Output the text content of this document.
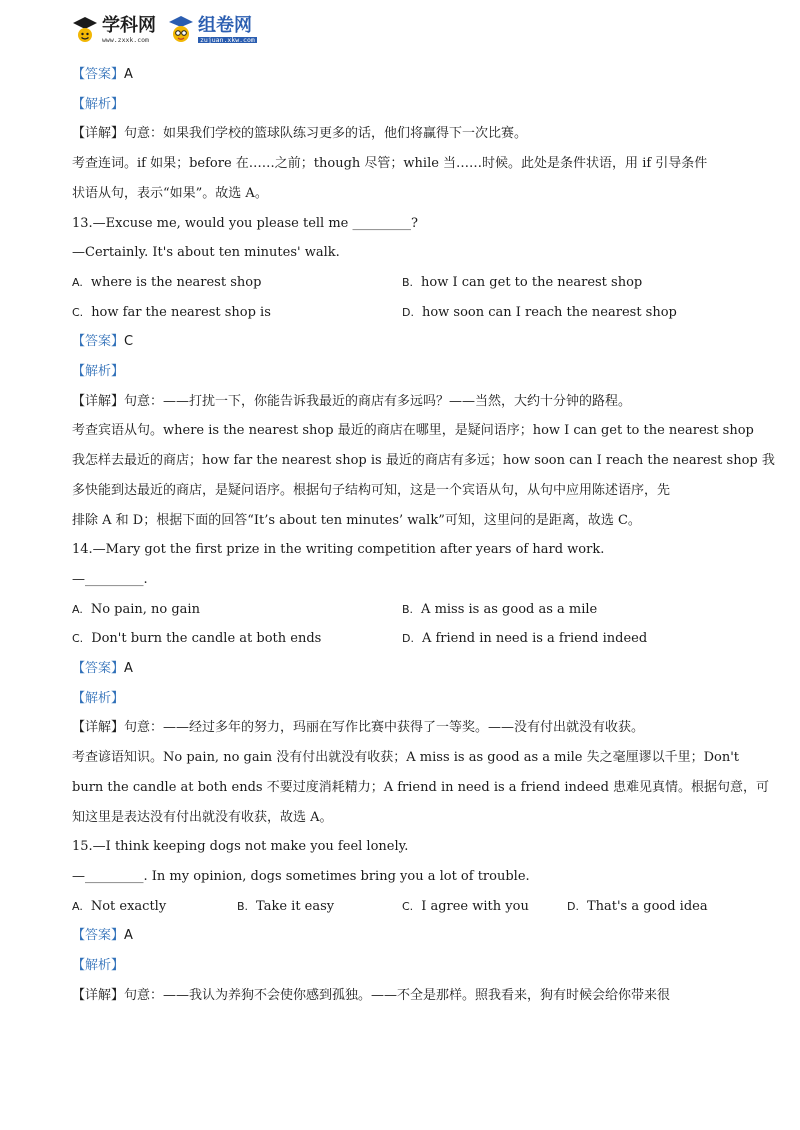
学科网
www.zxxk.com
组卷网
zujuan.xkw.com
【答案】A
【解析】
【详解】句意：如果我们学校的篮球队练习更多的话，他们将赢得下一次比赛。
考查连词。if 如果；before 在……之前；though 尽管；while 当……时候。此处是条件状语，用 if 引导条件
状语从句，表示“如果”。故选 A。
13.—Excuse me, would you please tell me _________?
—Certainly. It's about ten minutes' walk.
A. where is the nearest shop	B. how I can get to the nearest shop
C. how far the nearest shop is	D. how soon can I reach the nearest shop
【答案】C
【解析】
【详解】句意：——打扰一下，你能告诉我最近的商店有多远吗？——当然，大约十分钟的路程。
考查宾语从句。where is the nearest shop 最近的商店在哪里，是疑问语序；how I can get to the nearest shop
我怎样去最近的商店；how far the nearest shop is 最近的商店有多远；how soon can I reach the nearest shop 我
多快能到达最近的商店，是疑问语序。根据句子结构可知，这是一个宾语从句，从句中应用陈述语序，先
排除 A 和 D；根据下面的回答“It’s about ten minutes’ walk”可知，这里问的是距离，故选 C。
14.—Mary got the first prize in the writing competition after years of hard work.
—_________.
A. No pain, no gain	B. A miss is as good as a mile
C. Don't burn the candle at both ends	D. A friend in need is a friend indeed
【答案】A
【解析】
【详解】句意：——经过多年的努力，玛丽在写作比赛中获得了一等奖。——没有付出就没有收获。
考查谚语知识。No pain, no gain 没有付出就没有收获；A miss is as good as a mile 失之毫厘谬以千里；Don't
burn the candle at both ends 不要过度消耗精力；A friend in need is a friend indeed 患难见真情。根据句意，可
知这里是表达没有付出就没有收获，故选 A。
15.—I think keeping dogs not make you feel lonely.
—_________. In my opinion, dogs sometimes bring you a lot of trouble.
A. Not exactly	B. Take it easy	C. I agree with you	D. That's a good idea
【答案】A
【解析】
【详解】句意：——我认为养狗不会使你感到孤独。——不全是那样。照我看来，狗有时候会给你带来很
